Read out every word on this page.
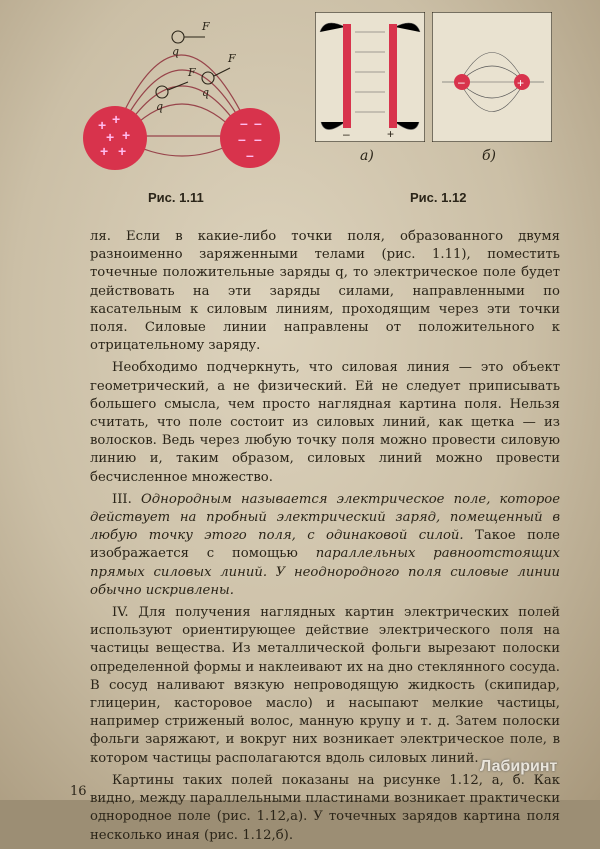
+ +
+ +
+ +
– –
– –
–
q
q
q
F
F
F
Рис. 1.11
–	+
a)
–	+
б)
Рис. 1.12

ля. Если в какие-либо точки поля, образованного двумя разноименно заряженными телами (рис. 1.11), поместить точечные положительные заряды q, то электрическое поле будет действовать на эти заряды силами, направленными по касательным к силовым линиям, проходящим через эти точки поля. Силовые линии направлены от положительного к отрицательному заряду.

Необходимо подчеркнуть, что силовая линия — это объект геометрический, а не физический. Ей не следует приписывать большего смысла, чем просто наглядная картина поля. Нельзя считать, что поле состоит из силовых линий, как щетка — из волосков. Ведь через любую точку поля можно провести силовую линию и, таким образом, силовых линий можно провести бесчисленное множество.

III. Однородным называется электрическое поле, которое действует на пробный электрический заряд, помещенный в любую точку этого поля, с одинаковой силой. Такое поле изображается с помощью параллельных равноотстоящих прямых силовых линий. У неоднородного поля силовые линии обычно искривлены.

IV. Для получения наглядных картин электрических полей используют ориентирующее действие электрического поля на частицы вещества. Из металлической фольги вырезают полоски определенной формы и наклеивают их на дно стеклянного сосуда. В сосуд наливают вязкую непроводящую жидкость (скипидар, глицерин, касторовое масло) и насыпают мелкие частицы, например стриженый волос, манную крупу и т. д. Затем полоски фольги заряжают, и вокруг них возникает электрическое поле, в котором частицы располагаются вдоль силовых линий.

Картины таких полей показаны на рисунке 1.12, а, б. Как видно, между параллельными пластинами возникает практически однородное поле (рис. 1.12,а). У точечных зарядов картина поля несколько иная (рис. 1.12,б).

16
Лабиринт
